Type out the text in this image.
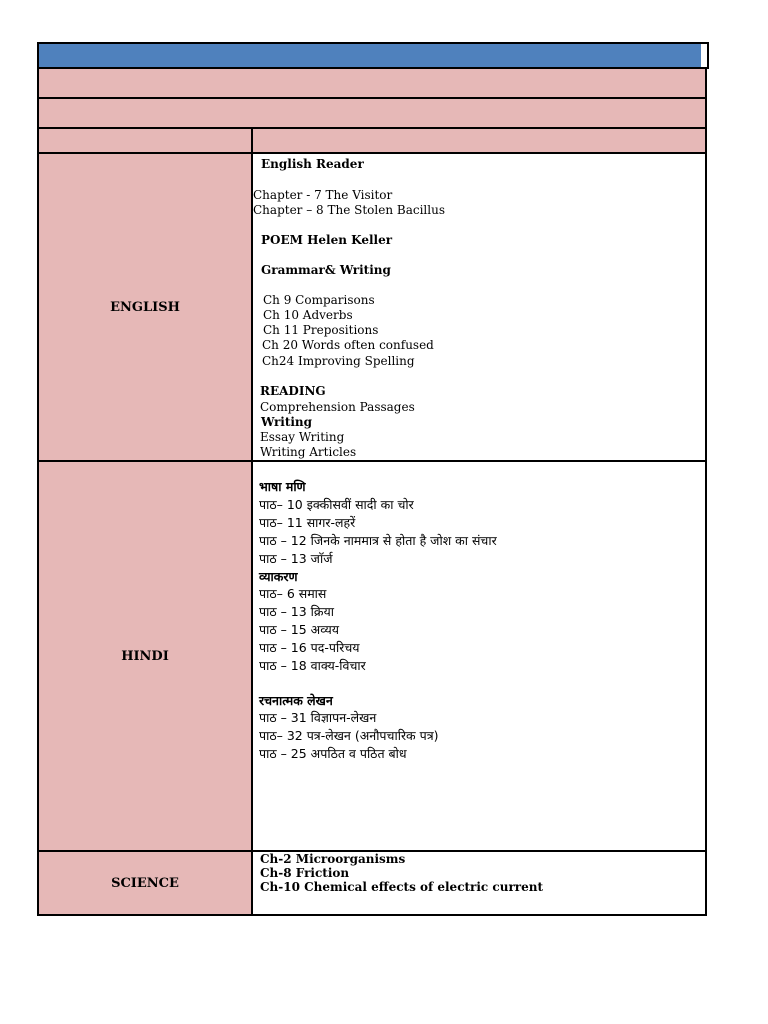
ENGLISH
English Reader
Chapter - 7 The Visitor
Chapter – 8 The Stolen Bacillus
POEM Helen Keller
Grammar& Writing
Ch 9 Comparisons
Ch 10 Adverbs
Ch 11 Prepositions
Ch 20 Words often confused
Ch24 Improving Spelling
READING
Comprehension Passages
Writing
Essay Writing
Writing Articles
HINDI
भाषा मणि
पाठ– 10 इक्कीसवीं सादी का चोर
पाठ– 11 सागर-लहरें
पाठ – 12 जिनके नाममात्र से होता है जोश का संचार
पाठ – 13 जाॅर्ज
व्याकरण
पाठ– 6 समास
पाठ – 13 क्रिया
पाठ – 15 अव्यय
पाठ – 16 पद-परिचय
पाठ – 18 वाक्य-विचार
रचनात्मक लेखन
पाठ – 31 विज्ञापन-लेखन
पाठ– 32 पत्र-लेखन (अनौपचारिक पत्र)
पाठ – 25 अपठित व पठित बोध
SCIENCE
Ch-2 Microorganisms
Ch-8 Friction
Ch-10 Chemical effects of electric current
